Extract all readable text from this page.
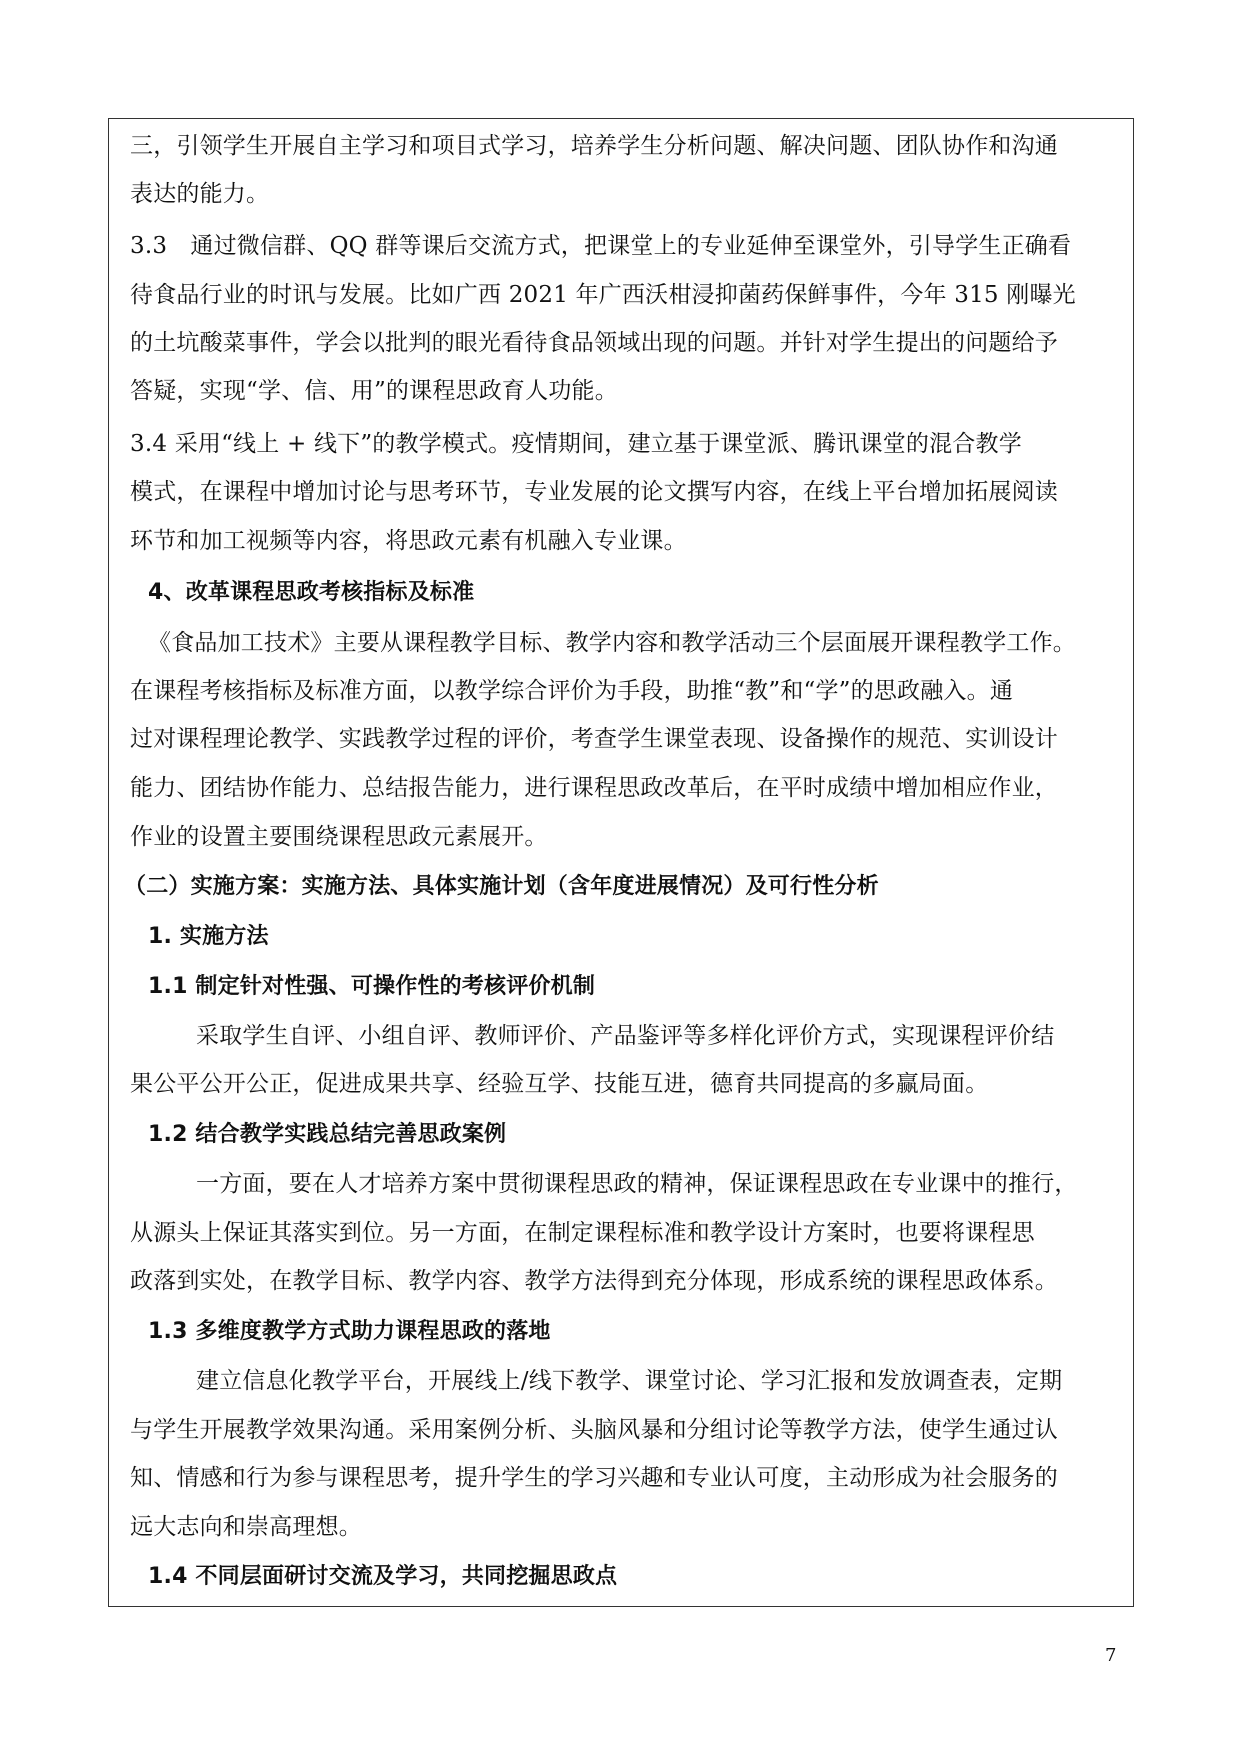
三，引领学生开展自主学习和项目式学习，培养学生分析问题、解决问题、团队协作和沟通
表达的能力。
3.3　通过微信群、QQ 群等课后交流方式，把课堂上的专业延伸至课堂外，引导学生正确看
待食品行业的时讯与发展。比如广西 2021 年广西沃柑浸抑菌药保鲜事件，今年 315 刚曝光
的土坑酸菜事件，学会以批判的眼光看待食品领域出现的问题。并针对学生提出的问题给予
答疑，实现“学、信、用”的课程思政育人功能。
3.4 采用“线上 + 线下”的教学模式。疫情期间，建立基于课堂派、腾讯课堂的混合教学
模式，在课程中增加讨论与思考环节，专业发展的论文撰写内容，在线上平台增加拓展阅读
环节和加工视频等内容，将思政元素有机融入专业课。
4、改革课程思政考核指标及标准
《食品加工技术》主要从课程教学目标、教学内容和教学活动三个层面展开课程教学工作。
在课程考核指标及标准方面，以教学综合评价为手段，助推“教”和“学”的思政融入。通
过对课程理论教学、实践教学过程的评价，考查学生课堂表现、设备操作的规范、实训设计
能力、团结协作能力、总结报告能力，进行课程思政改革后，在平时成绩中增加相应作业，
作业的设置主要围绕课程思政元素展开。
（二）实施方案：实施方法、具体实施计划（含年度进展情况）及可行性分析
1. 实施方法
1.1 制定针对性强、可操作性的考核评价机制
采取学生自评、小组自评、教师评价、产品鉴评等多样化评价方式，实现课程评价结
果公平公开公正，促进成果共享、经验互学、技能互进，德育共同提高的多赢局面。
1.2 结合教学实践总结完善思政案例
一方面，要在人才培养方案中贯彻课程思政的精神，保证课程思政在专业课中的推行，
从源头上保证其落实到位。另一方面，在制定课程标准和教学设计方案时，也要将课程思
政落到实处，在教学目标、教学内容、教学方法得到充分体现，形成系统的课程思政体系。
1.3 多维度教学方式助力课程思政的落地
建立信息化教学平台，开展线上/线下教学、课堂讨论、学习汇报和发放调查表，定期
与学生开展教学效果沟通。采用案例分析、头脑风暴和分组讨论等教学方法，使学生通过认
知、情感和行为参与课程思考，提升学生的学习兴趣和专业认可度，主动形成为社会服务的
远大志向和崇高理想。
1.4 不同层面研讨交流及学习，共同挖掘思政点
7
